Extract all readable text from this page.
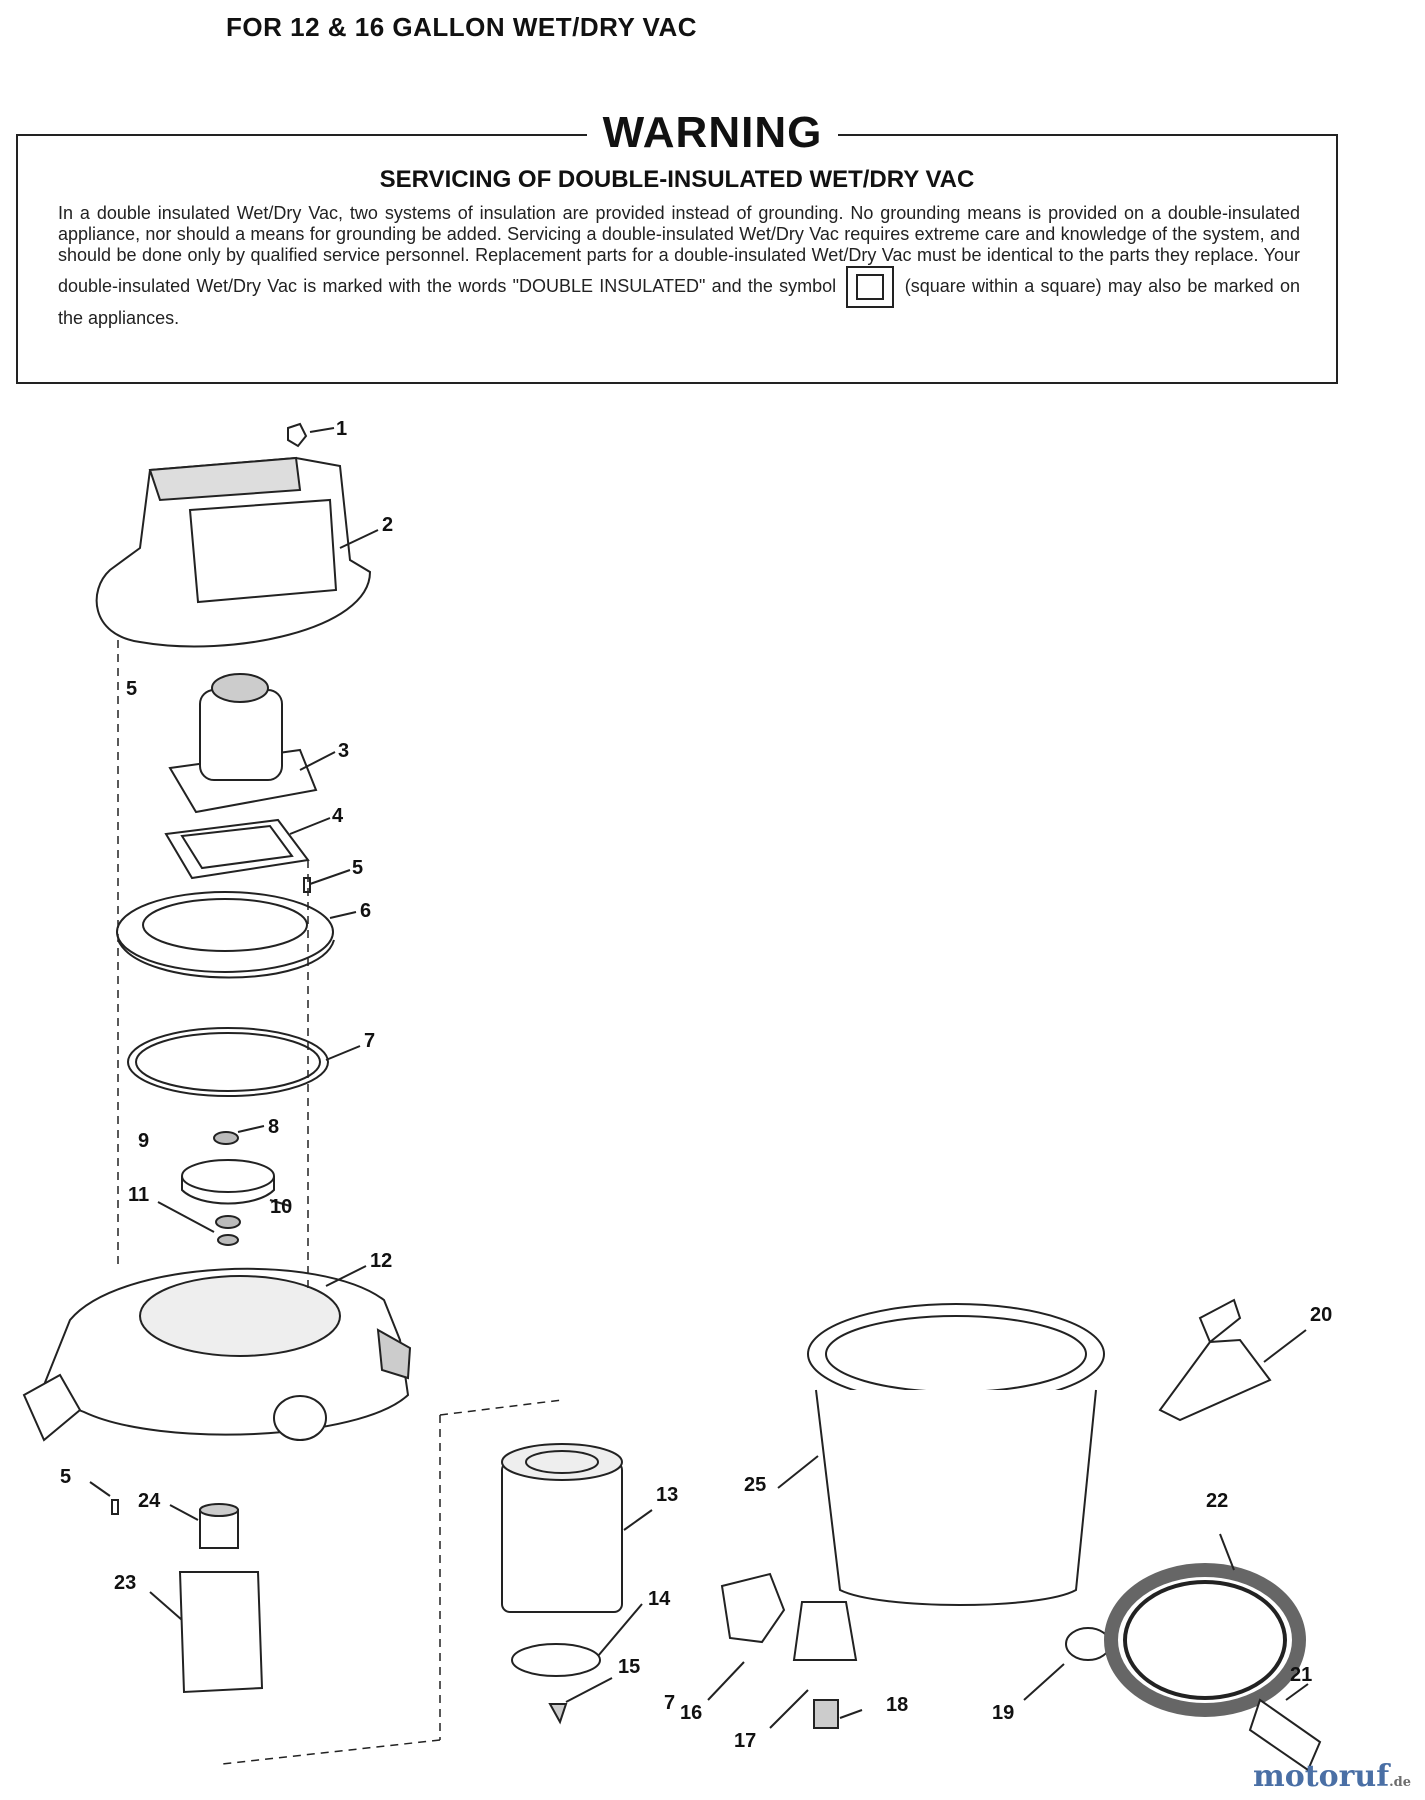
FOR 12 & 16 GALLON WET/DRY VAC
WARNING
SERVICING OF DOUBLE-INSULATED WET/DRY VAC
In a double insulated Wet/Dry Vac, two systems of insulation are provided instead of grounding. No grounding means is provided on a double-insulated appliance, nor should a means for grounding be added. Servicing a double-insulated Wet/Dry Vac requires extreme care and knowledge of the system, and should be done only by qualified service personnel. Replacement parts for a double-insulated Wet/Dry Vac must be identical to the parts they replace. Your double-insulated Wet/Dry Vac is marked with the words "DOUBLE INSULATED" and the symbol	(square within a square) may also be marked on the appliances.
1
2
3
4
5
5
5
6
7
7
8
9
10
11
12
13
14
15
16
17
18	19
20
21
22
23
24
25
motoruf.de
